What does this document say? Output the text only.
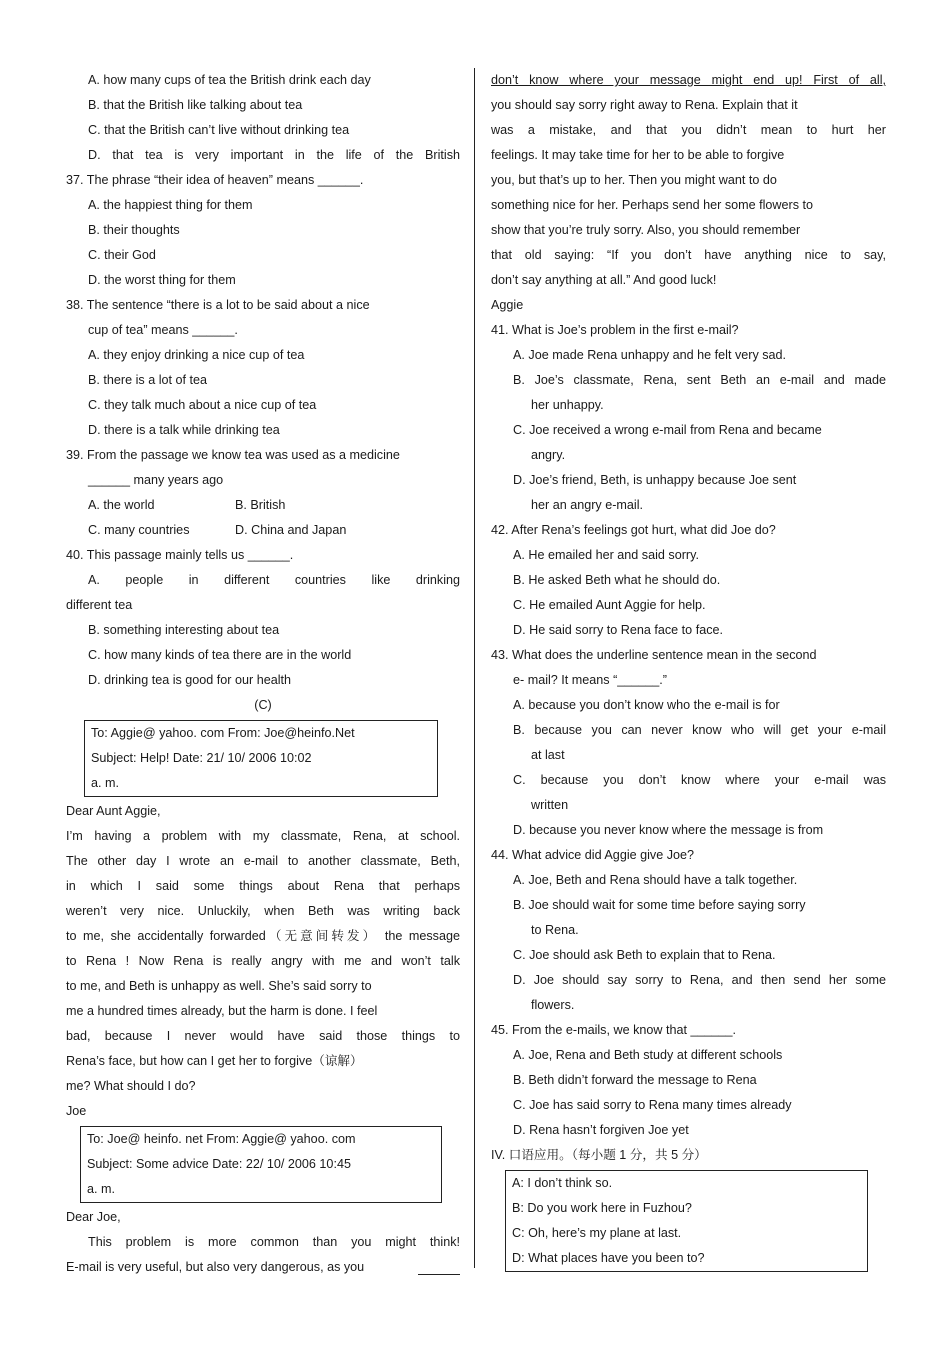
A. how many cups of tea the British drink each day
B. that the British like talking about tea
C. that the British can’t live without drinking tea
D. that tea is very important in the life of the British
37. The phrase “their idea of heaven” means ______.
A. the happiest thing for them
B. their thoughts
C. their God
D. the worst thing for them
38. The sentence “there is a lot to be said about a nice
cup of tea” means ______.
A. they enjoy drinking a nice cup of tea
B. there is a lot of tea
C. they talk much about a nice cup of tea
D. there is a talk while drinking tea
39. From the passage we know tea was used as a medicine
______ many years ago
A. the world	B. British
C. many countries	D. China and Japan
40. This passage mainly tells us ______.
A. people in different countries like drinking
different tea
B. something interesting about tea
C. how many kinds of tea there are in the world
D. drinking tea is good for our health
(C)
To: Aggie@ yahoo. com From: Joe@heinfo.Net
Subject: Help! Date: 21/ 10/ 2006 10:02
a. m.
Dear Aunt Aggie,
I’m having a problem with my classmate, Rena, at school.
The other day I wrote an e-mail to another classmate, Beth,
in which I said some things about Rena that perhaps
weren’t very nice. Unluckily, when Beth was writing back
to me, she accidentally forwarded（无意间转发） the message
to Rena ! Now Rena is really angry with me and won’t talk
to me, and Beth is unhappy as well. She’s said sorry to
me a hundred times already, but the harm is done. I feel
bad, because I never would have said those things to
Rena’s face, but how can I get her to forgive（谅解）
me? What should I do?
Joe
To: Joe@ heinfo. net From: Aggie@ yahoo. com
Subject: Some advice Date: 22/ 10/ 2006 10:45
a. m.
Dear Joe,
This problem is more common than you might think!
E-mail is very useful, but also very dangerous, as you
don’t know where your message might end up! First of all,
you should say sorry right away to Rena. Explain that it
was a mistake, and that you didn’t mean to hurt her
feelings. It may take time for her to be able to forgive
you, but that’s up to her. Then you might want to do
something nice for her. Perhaps send her some flowers to
show that you’re truly sorry. Also, you should remember
that old saying: “If you don’t have anything nice to say,
don’t say anything at all.” And good luck!
Aggie
41. What is Joe’s problem in the first e-mail?
A. Joe made Rena unhappy and he felt very sad.
B. Joe’s classmate, Rena, sent Beth an e-mail and made
her unhappy.
C. Joe received a wrong e-mail from Rena and became
angry.
D. Joe’s friend, Beth, is unhappy because Joe sent
her an angry e-mail.
42. After Rena’s feelings got hurt, what did Joe do?
A. He emailed her and said sorry.
B. He asked Beth what he should do.
C. He emailed Aunt Aggie for help.
D. He said sorry to Rena face to face.
43. What does the underline sentence mean in the second
e- mail? It means “______.”
A. because you don’t know who the e-mail is for
B. because you can never know who will get your e-mail
at last
C. because you don’t know where your e-mail was
written
D. because you never know where the message is from
44. What advice did Aggie give Joe?
A. Joe, Beth and Rena should have a talk together.
B. Joe should wait for some time before saying sorry
to Rena.
C. Joe should ask Beth to explain that to Rena.
D. Joe should say sorry to Rena, and then send her some
flowers.
45. From the e-mails, we know that ______.
A. Joe, Rena and Beth study at different schools
B. Beth didn’t forward the message to Rena
C. Joe has said sorry to Rena many times already
D. Rena hasn’t forgiven Joe yet
IV. 口语应用。（每小题 1 分，共 5 分）
A: I don’t think so.
B: Do you work here in Fuzhou?
C: Oh, here’s my plane at last.
D: What places have you been to?
